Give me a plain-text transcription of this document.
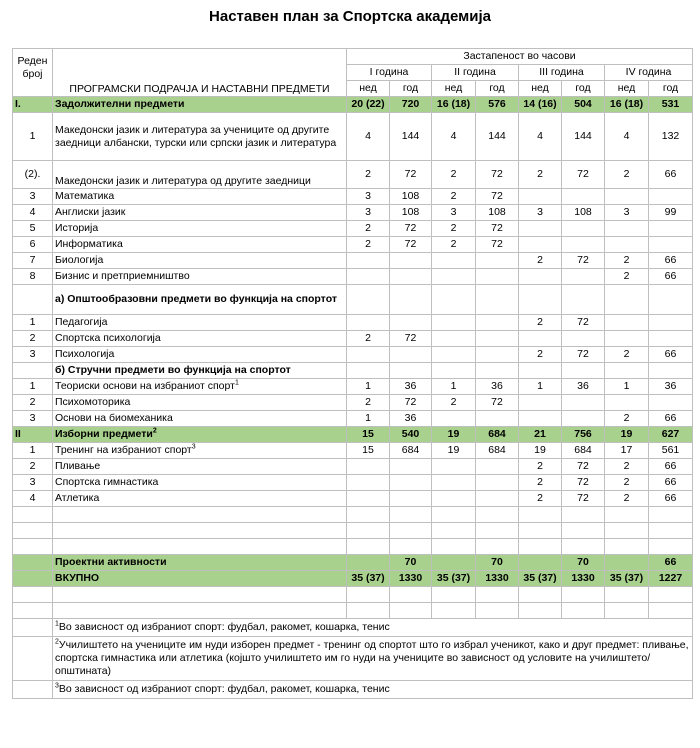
Наставен план за Спортска академија
Реден број	ПРОГРАМСКИ ПОДРАЧЈА И НАСТАВНИ ПРЕДМЕТИ	Застапеност во часови							
		I година		II година		III година		IV година	
		нед	год	нед	год	нед	год	нед	год
I.	Задолжителни предмети	20 (22)	720	16 (18)	576	14 (16)	504	16 (18)	531
1	Македонски јазик и литература за учениците од другите заедници албански, турски или српски јазик и литература	4	144	4	144	4	144	4	132
(2).	Македонски јазик и литература од другите заедници	2	72	2	72	2	72	2	66
3	Математика	3	108	2	72				
4	Англиски јазик	3	108	3	108	3	108	3	99
5	Историја	2	72	2	72				
6	Информатика	2	72	2	72				
7	Биологија					2	72	2	66
8	Бизнис и претприемништво							2	66
	а) Општообразовни предмети во функција на спортот								
1	Педагогија					2	72		
2	Спортска психологија	2	72						
3	Психологија					2	72	2	66
	б) Стручни предмети во функција на спортот								
1	Теориски основи на избраниот спорт$^1$	1	36	1	36	1	36	1	36
2	Психомоторика	2	72	2	72				
3	Основи на биомеханика	1	36					2	66
II	Изборни предмети$^2$	15	540	19	684	21	756	19	627
1	Тренинг на избраниот спорт$^3$	15	684	19	684	19	684	17	561
2	Пливање					2	72	2	66
3	Спортска гимнастика					2	72	2	66
4	Атлетика					2	72	2	66

	Проектни активности		70		70		70		66
	ВКУПНО	35 (37)	1330	35 (37)	1330	35 (37)	1330	35 (37)	1227

	$^1$Во зависност од избраниот спорт: фудбал, ракомет, кошарка, тенис								
	$^2$Училиштето на учениците им нуди изборен предмет - тренинг од спортот што го избрал ученикот, како и друг предмет: пливање, спортска гимнастика или атлетика (којшто училиштето им го нуди на учениците во зависност од условите на училиштето/општината)								
	$^3$Во зависност од избраниот спорт: фудбал, ракомет, кошарка, тенис								
